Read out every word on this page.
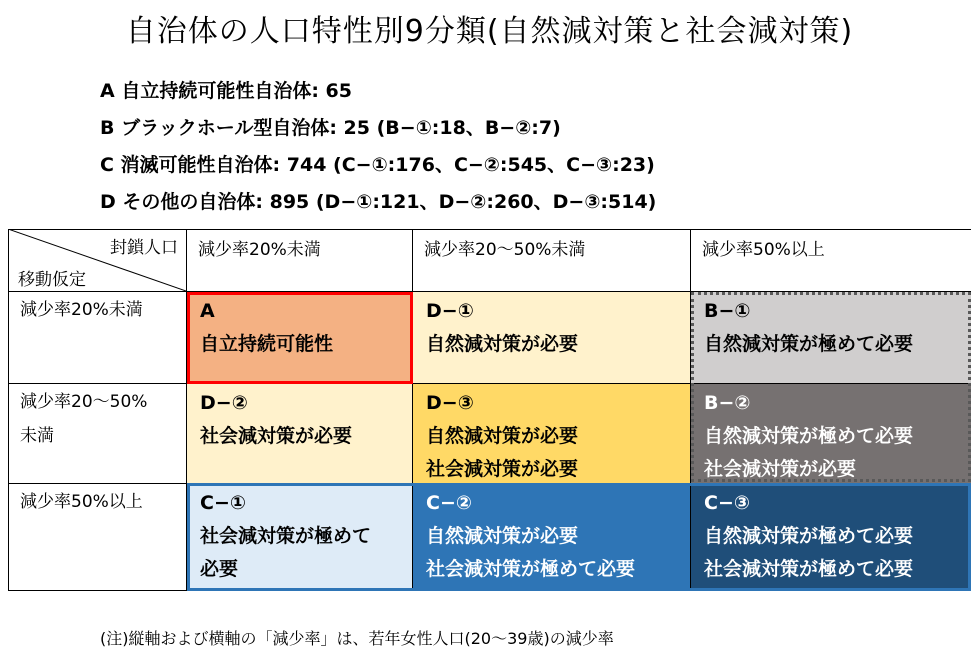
自治体の人口特性別9分類(自然減対策と社会減対策)
A 自立持続可能性自治体: 65
B ブラックホール型自治体: 25 (B−①:18、B−②:7)
C 消滅可能性自治体: 744 (C−①:176、C−②:545、C−③:23)
D その他の自治体: 895 (D−①:121、D−②:260、D−③:514)
封鎖人口
移動仮定
減少率20%未満	減少率20〜50%未満	減少率50%以上
減少率20%未満
減少率20〜50%
未満
減少率50%以上
A
自立持続可能性
D−①
自然減対策が必要
B−①
自然減対策が極めて必要
D−②
社会減対策が必要
D−③
自然減対策が必要
社会減対策が必要
B−②
自然減対策が極めて必要
社会減対策が必要
C−①
社会減対策が極めて
必要
C−②
自然減対策が必要
社会減対策が極めて必要
C−③
自然減対策が極めて必要
社会減対策が極めて必要
(注)縦軸および横軸の「減少率」は、若年女性人口(20〜39歳)の減少率
